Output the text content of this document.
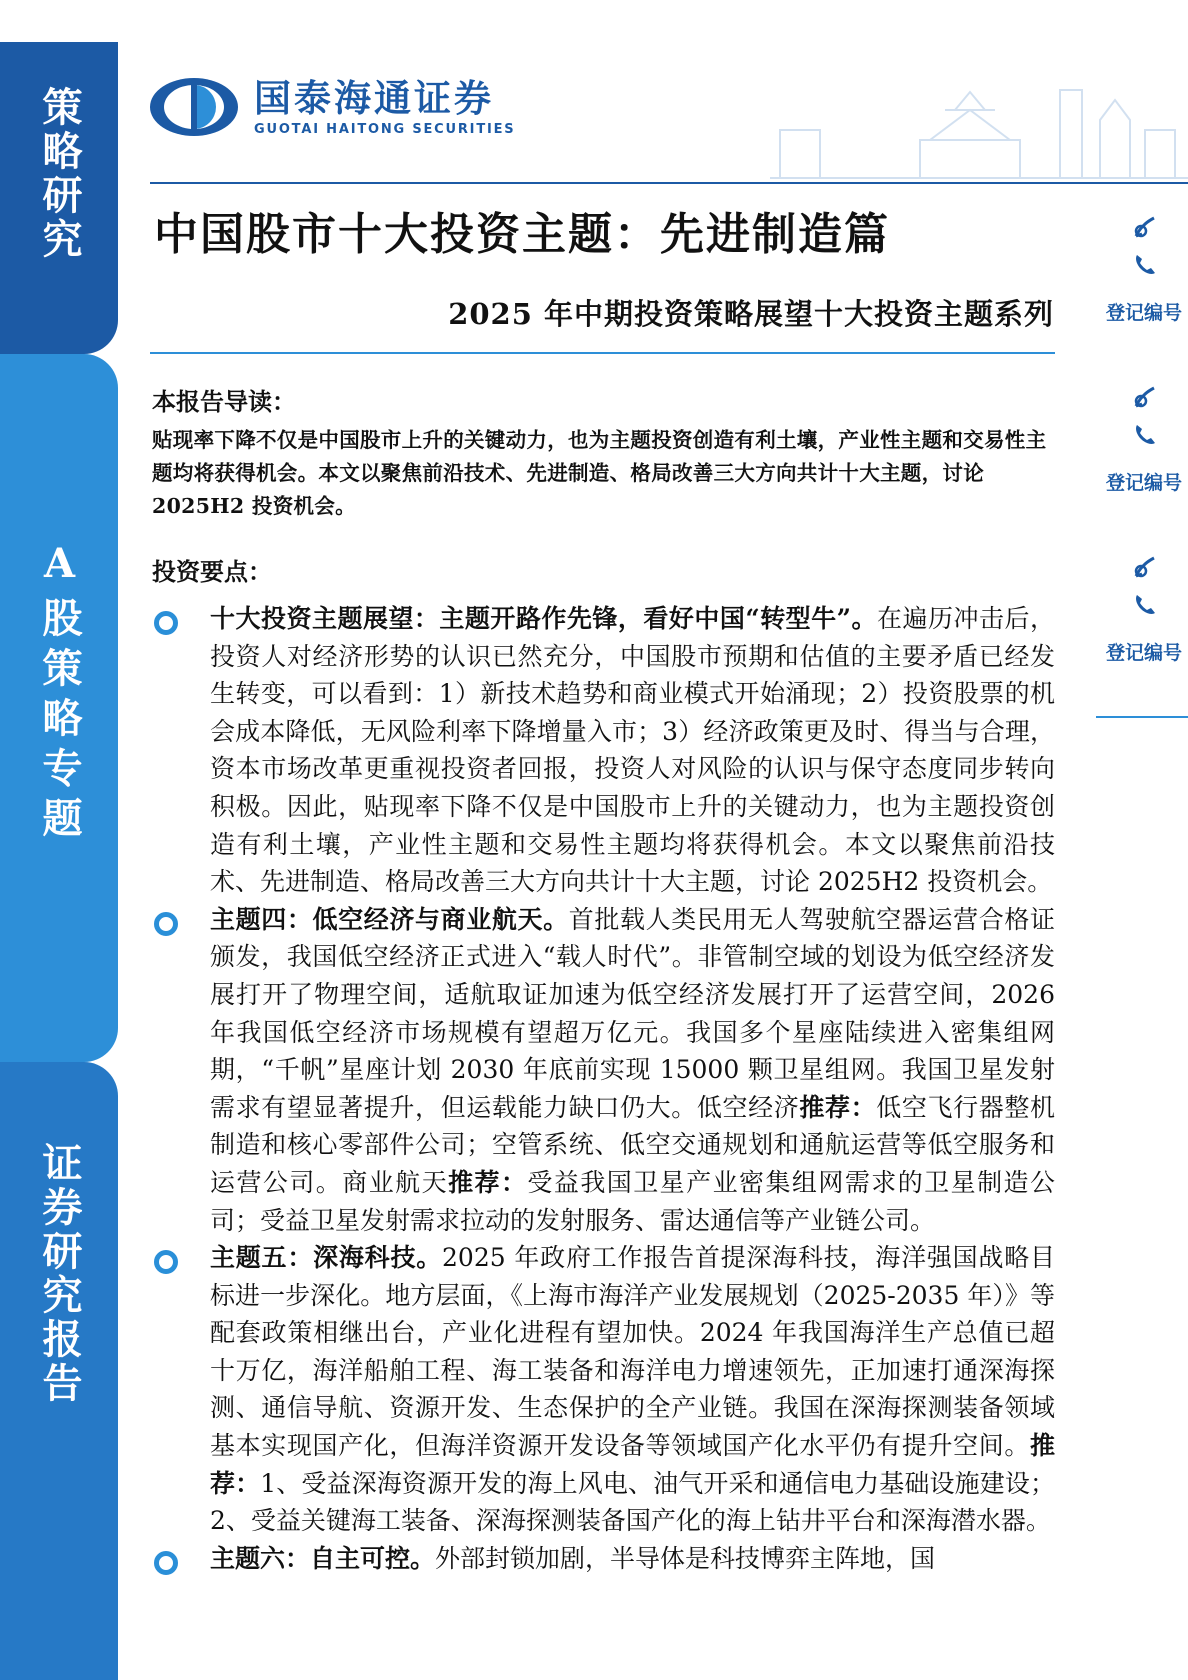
策略研究
A股策略专题
证券研究报告
国泰海通证券
GUOTAI HAITONG SECURITIES
中国股市十大投资主题：先进制造篇
2025 年中期投资策略展望十大投资主题系列
本报告导读：
贴现率下降不仅是中国股市上升的关键动力，也为主题投资创造有利土壤，产业性主题和交易性主题均将获得机会。本文以聚焦前沿技术、先进制造、格局改善三大方向共计十大主题，讨论 2025H2 投资机会。
投资要点：
十大投资主题展望：主题开路作先锋，看好中国“转型牛”。在遍历冲击后，投资人对经济形势的认识已然充分，中国股市预期和估值的主要矛盾已经发生转变，可以看到：1）新技术趋势和商业模式开始涌现；2）投资股票的机会成本降低，无风险利率下降增量入市；3）经济政策更及时、得当与合理，资本市场改革更重视投资者回报，投资人对风险的认识与保守态度同步转向积极。因此，贴现率下降不仅是中国股市上升的关键动力，也为主题投资创造有利土壤，产业性主题和交易性主题均将获得机会。本文以聚焦前沿技术、先进制造、格局改善三大方向共计十大主题，讨论 2025H2 投资机会。
主题四：低空经济与商业航天。首批载人类民用无人驾驶航空器运营合格证颁发，我国低空经济正式进入“载人时代”。非管制空域的划设为低空经济发展打开了物理空间，适航取证加速为低空经济发展打开了运营空间，2026 年我国低空经济市场规模有望超万亿元。我国多个星座陆续进入密集组网期，“千帆”星座计划 2030 年底前实现 15000 颗卫星组网。我国卫星发射需求有望显著提升，但运载能力缺口仍大。低空经济推荐：低空飞行器整机制造和核心零部件公司；空管系统、低空交通规划和通航运营等低空服务和运营公司。商业航天推荐：受益我国卫星产业密集组网需求的卫星制造公司；受益卫星发射需求拉动的发射服务、雷达通信等产业链公司。
主题五：深海科技。2025 年政府工作报告首提深海科技，海洋强国战略目标进一步深化。地方层面，《上海市海洋产业发展规划（2025-2035 年）》等配套政策相继出台，产业化进程有望加快。2024 年我国海洋生产总值已超十万亿，海洋船舶工程、海工装备和海洋电力增速领先，正加速打通深海探测、通信导航、资源开发、生态保护的全产业链。我国在深海探测装备领域基本实现国产化，但海洋资源开发设备等领域国产化水平仍有提升空间。推荐：1、受益深海资源开发的海上风电、油气开采和通信电力基础设施建设；2、受益关键海工装备、深海探测装备国产化的海上钻井平台和深海潜水器。
主题六：自主可控。外部封锁加剧，半导体是科技博弈主阵地，国
登记编号
登记编号
登记编号
